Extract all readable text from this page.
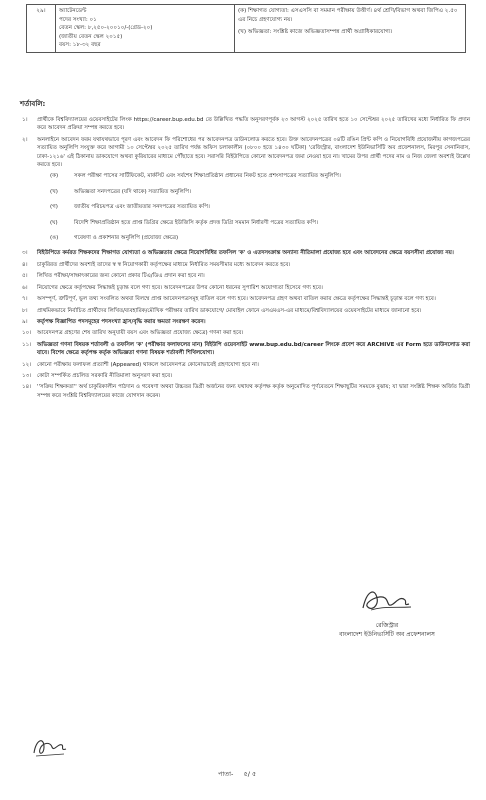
২৯।	অ্যাটেনডেন্ট
পদের সংখ্যা: ০১
বেতন স্কেল: ৮,২৫০-২০০১০/-(গ্রেড-২০)
(জাতীয় বেতন স্কেল ২০১৫)
বয়স: ১৮-৩২ বছর

(ক) শিক্ষাগত যোগ্যতা: এসএসসি বা সমমান পরীক্ষায় উত্তীর্ণ। ৪র্থ শ্রেণি/বিভাগ অথবা জিপিএ ২.৫০ এর নিচে গ্রহণযোগ্য নয়।
(খ) অভিজ্ঞতা: সংশ্লিষ্ট কাজে অভিজ্ঞতাসম্পন্ন প্রার্থী অগ্রাধিকারযোগ্য।
শর্তাবলি:
১।	প্রার্থীকে বিশ্ববিদ্যালয়ের ওয়েবসাইটের লিংক https://career.bup.edu.bd তে উল্লিখিত পদ্ধতি অনুসরণপূর্বক ২৩ আগস্ট ২০২৫ তারিখ হতে ১০ সেপ্টেম্বর ২০২৫ তারিখের মধ্যে নির্ধারিত ফি প্রদান করে আবেদন প্রক্রিয়া সম্পন্ন করতে হবে।
২।	অনলাইনে আবেদন ফরম যথাযথভাবে পূরণ এবং আবেদন ফি পরিশোধের পর আবেদনপত্র ডাউনলোড করতে হবে। উক্ত আবেদনপত্রের ০৪টি রঙিন প্রিন্ট কপি ও নিয়োগবিধি প্রয়োজনীয় কাগজপত্রের সত্যায়িত অনুলিপি সংযুক্ত করে আগামী ১০ সেপ্টেম্বর ২০২৫ তারিখ পর্যন্ত অফিস চলাকালীন (০৮০০ হতে ১৪৩০ ঘটিকা) 'রেজিস্ট্রার, বাংলাদেশ ইউনিভার্সিটি অব প্রফেশনালস, মিরপুর সেনানিবাস, ঢাকা-১২১৬' এই ঠিকানায় ডাকযোগে অথবা কুরিয়ারের মাধ্যমে পৌঁছাতে হবে। সরাসরি বিইউপিতে কোনো আবেদনপত্র জমা নেওয়া হবে না। খামের উপর প্রার্থী পদের নাম ও নিজ জেলা অবশ্যই উল্লেখ করতে হবে।
(ক)	সকল পরীক্ষা পাসের সার্টিফিকেট, মার্কসিট এবং সর্বশেষ শিক্ষাপ্রতিষ্ঠান প্রধানের নিকট হতে প্রশংসাপত্রের সত্যায়িত অনুলিপি।
(খ)	অভিজ্ঞতা সনদপত্রের (যদি থাকে) সত্যায়িত অনুলিপি।
(গ)	জাতীয় পরিচয়পত্র এবং জাতীয়তার সনদপত্রের সত্যায়িত কপি।
(ঘ)	বিদেশি শিক্ষাপ্রতিষ্ঠান হতে প্রাপ্ত ডিগ্রির ক্ষেত্রে ইউজিসি কর্তৃক প্রদত্ত ডিগ্রি সমমান নির্ধারণী পত্রের সত্যায়িত কপি।
(ঙ)	গবেষণা ও প্রকাশনার অনুলিপি (প্রযোজ্য ক্ষেত্রে)
৩।	বিইউপিতে কর্মরত শিক্ষকদের শিক্ষাগত যোগ্যতা ও অভিজ্ঞতার ক্ষেত্রে নিয়োগবিধির তফসিল 'ক' ও এতদসংক্রান্ত অন্যান্য নীতিমালা প্রযোজ্য হবে এবং আবেদনের ক্ষেত্রে বয়সসীমা প্রযোজ্য নয়।
৪।	চাকুরিরত প্রার্থীদের অবশ্যই তাদের স্ব স্ব নিয়োগকারী কর্তৃপক্ষের মাধ্যমে নির্ধারিত সময়সীমার মধ্যে আবেদন করতে হবে।
৫।	লিখিত পরীক্ষা/সাক্ষাৎকারের জন্য কোনো প্রকার টিএ/ডিএ প্রদান করা হবে না।
৬।	নিয়োগের ক্ষেত্রে কর্তৃপক্ষের সিদ্ধান্তই চূড়ান্ত বলে গণ্য হবে। আবেদনপত্রের উপর কোনো ধরনের সুপারিশ অযোগ্যতা হিসেবে গণ্য হবে।
৭।	অসম্পূর্ণ, ত্রুটিপূর্ণ, ভুল তথ্য সংবলিত অথবা বিলম্বে প্রাপ্ত আবেদনপত্রসমূহ বাতিল বলে গণ্য হবে। আবেদনপত্র গ্রহণ অথবা বাতিল করার ক্ষেত্রে কর্তৃপক্ষের সিদ্ধান্তই চূড়ান্ত বলে গণ্য হবে।
৮।	প্রাথমিকভাবে নির্বাচিত প্রার্থীদের লিখিত/ব্যবহারিক/মৌখিক পরীক্ষার তারিখ ডাকযোগে/ মোবাইল ফোনে এসএমএস-এর মাধ্যমে/বিশ্ববিদ্যালয়ের ওয়েবসাইটের মাধ্যমে জানানো হবে।
৯।	কর্তৃপক্ষ বিজ্ঞাপিত পদসমূহের পদসংখ্যা হ্রাস/বৃদ্ধি করার ক্ষমতা সংরক্ষণ করেন।
১০।	আবেদনপত্র গ্রহণের শেষ তারিখ অনুযায়ী বয়স এবং অভিজ্ঞতা প্রযোজ্য ক্ষেত্রে) গণনা করা হবে।
১১।	অভিজ্ঞতা গণনা বিষয়ক শর্তাবলী ও তফসিল 'ক' (পরীক্ষার ফলাফলের মান) বিইউপি ওয়েবসাইট www.bup.edu.bd/career লিংকে প্রবেশ করে ARCHIVE এর Form হতে ডাউনলোড করা যাবে। বিশেষ ক্ষেত্রে কর্তৃপক্ষ কর্তৃক অভিজ্ঞতা গণনা বিষয়ক শর্তাবলী শিথিলযোগ্য।
১২।	কোনো পরীক্ষায় ফলাফল প্রত্যাশী (Appeared) থাকলে আবেদনপত্র কোনোভাবেই গ্রহণযোগ্য হবে না।
১৩।	কোটা সম্পর্কিত প্রচলিত সরকারি নীতিমালা অনুসরণ করা হবে।
১৪।	''সক্রিয় শিক্ষকতা'' অর্থ চাকুরিকালীন পাঠদান ও গবেষণা অথবা উচ্চতর ডিগ্রী অর্জনের জন্য যথাযথ কর্তৃপক্ষ কর্তৃক অনুমোদিত পূর্ণবেতনে শিক্ষাছুটির সময়কে বুঝায়; যা দ্বারা সংশ্লিষ্ট শিক্ষক অর্জিত ডিগ্রী সম্পন্ন করে সংশ্লিষ্ট বিশ্ববিদ্যালয়ের কাজে যোগদান করেন।
রেজিস্ট্রার
বাংলাদেশ ইউনিভার্সিটি অব প্রফেশনালস
পাতা- ৫/ ৫
